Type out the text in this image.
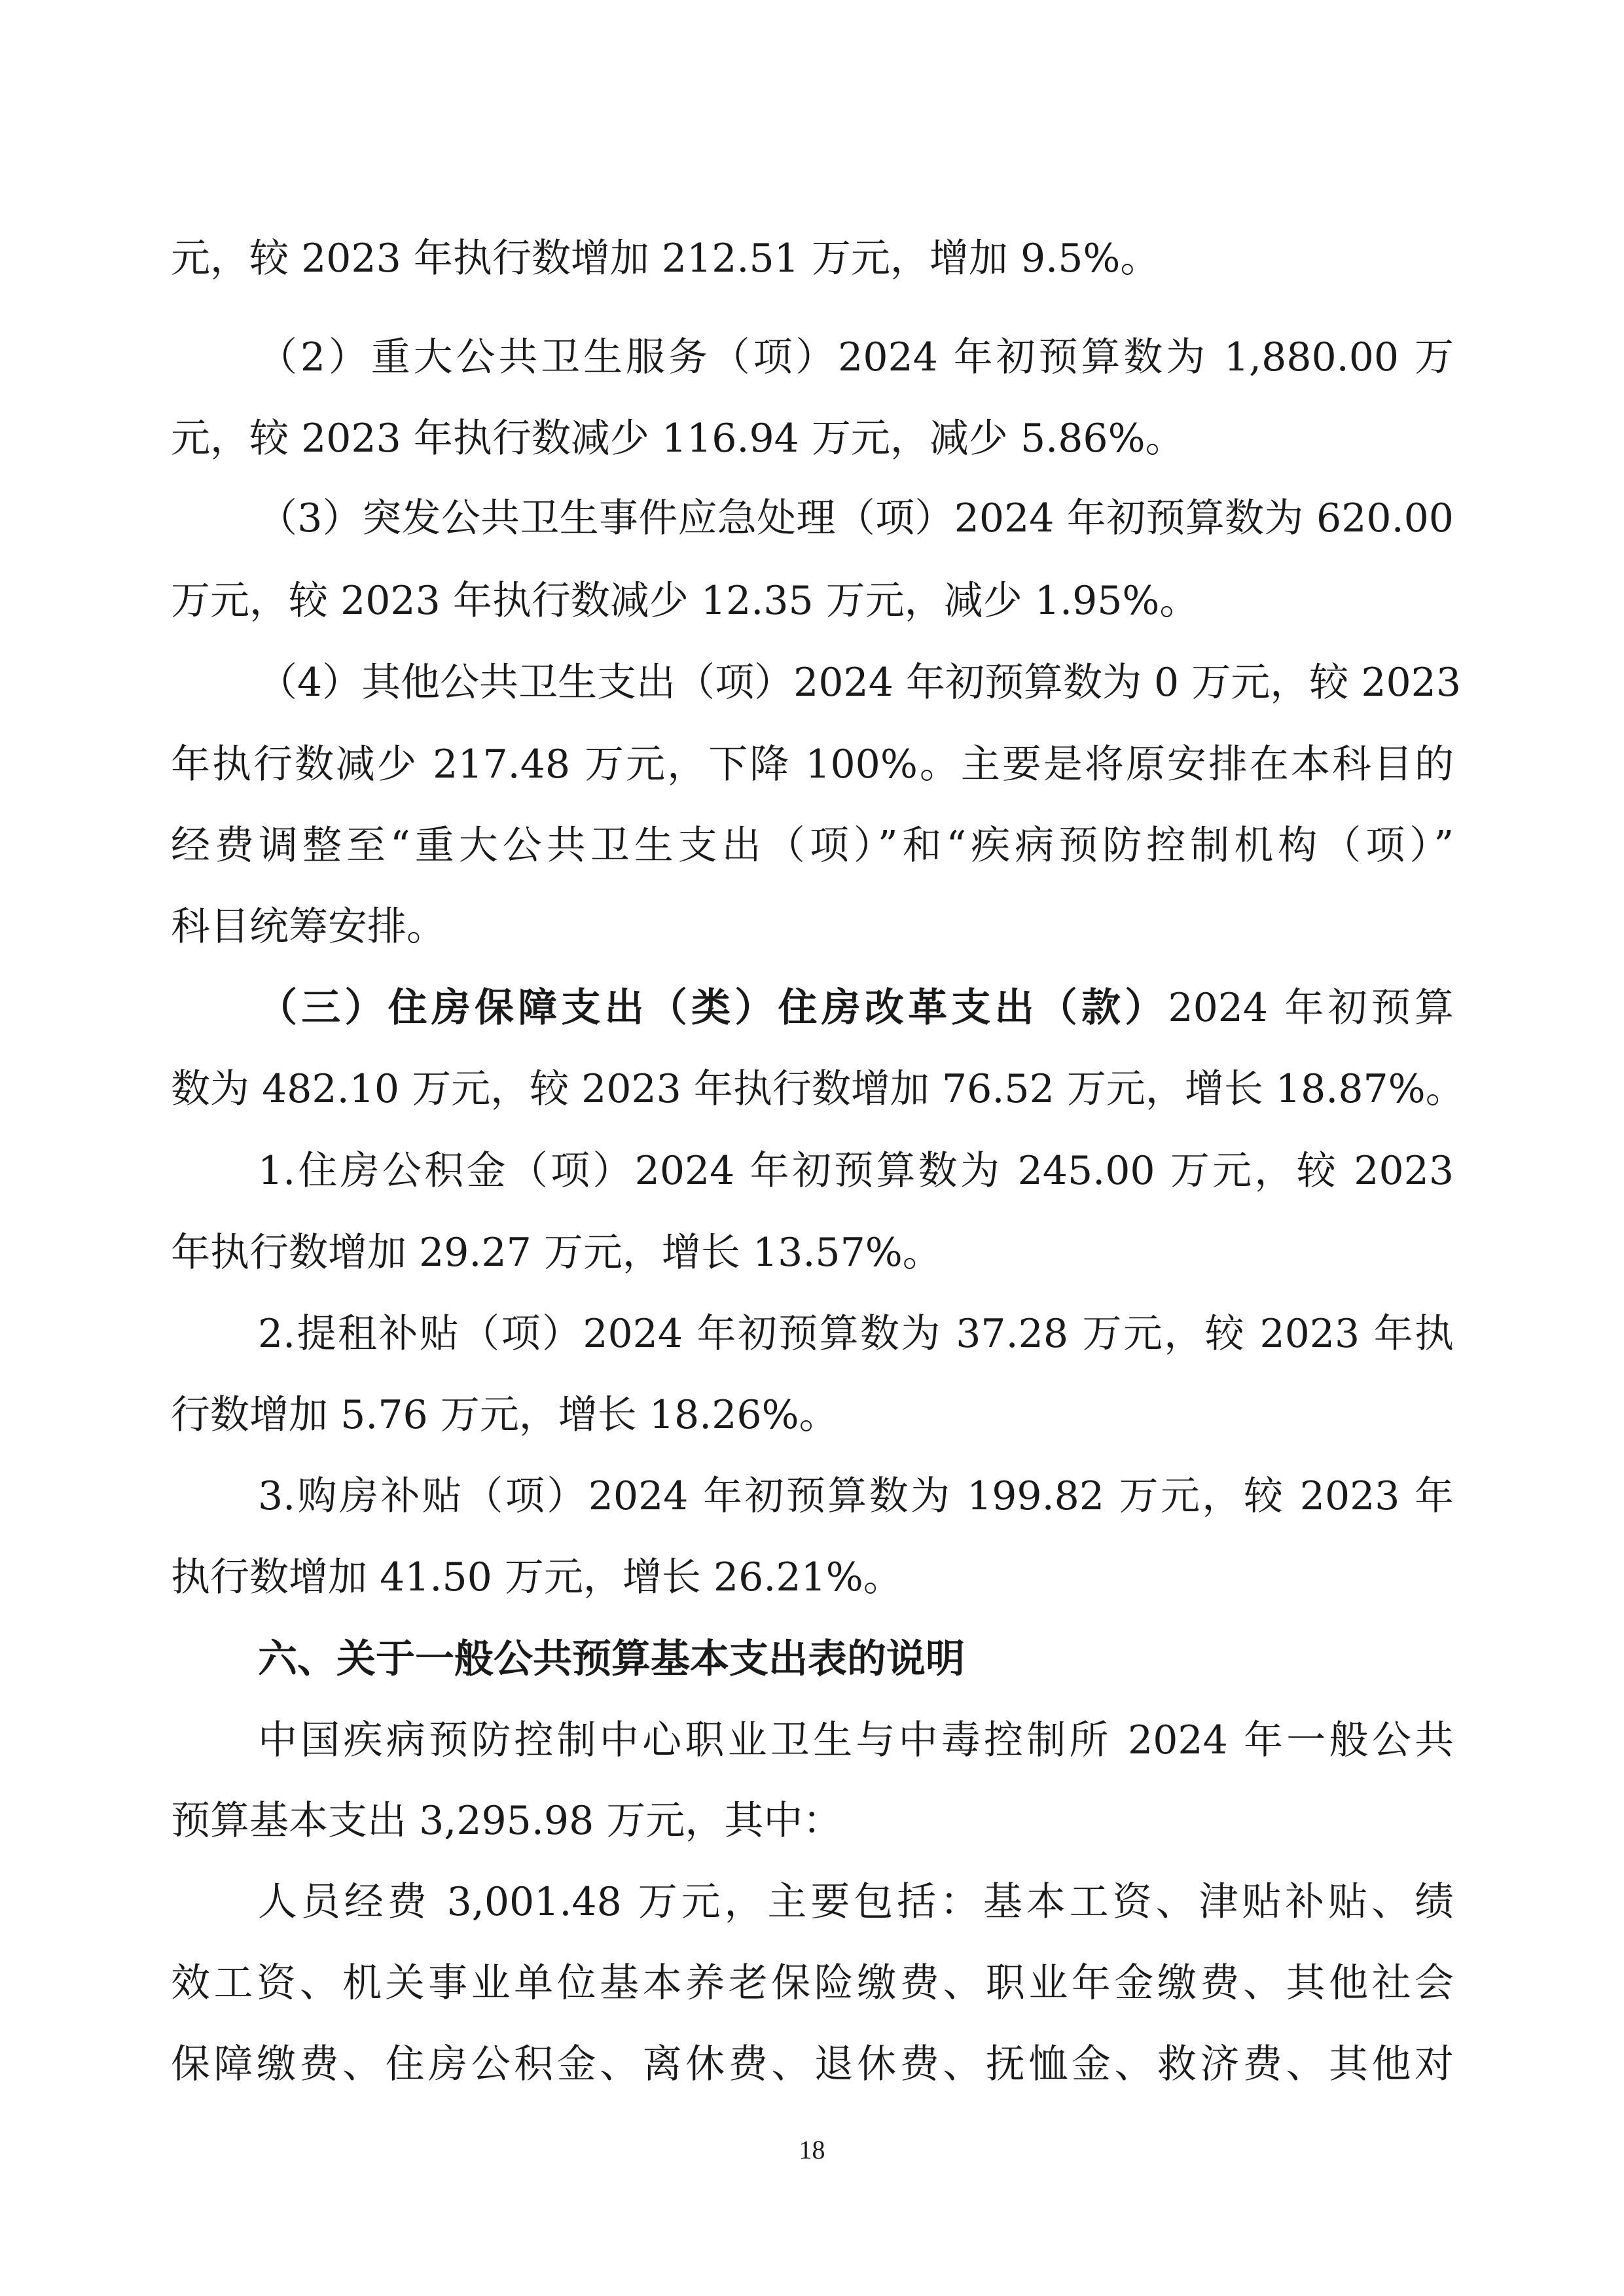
元，较 2023 年执行数增加 212.51 万元，增加 9.5%。
（2）重大公共卫生服务（项）2024 年初预算数为 1,880.00 万
元，较 2023 年执行数减少 116.94 万元，减少 5.86%。
（3）突发公共卫生事件应急处理（项）2024 年初预算数为 620.00
万元，较 2023 年执行数减少 12.35 万元，减少 1.95%。
（4）其他公共卫生支出（项）2024 年初预算数为 0 万元，较 2023
年执行数减少 217.48 万元，下降 100%。主要是将原安排在本科目的
经费调整至“重大公共卫生支出（项）”和“疾病预防控制机构（项）”
科目统筹安排。
（三）住房保障支出（类）住房改革支出（款）2024 年初预算
数为 482.10 万元，较 2023 年执行数增加 76.52 万元，增长 18.87%。
1.住房公积金（项）2024 年初预算数为 245.00 万元，较 2023
年执行数增加 29.27 万元，增长 13.57%。
2.提租补贴（项）2024 年初预算数为 37.28 万元，较 2023 年执
行数增加 5.76 万元，增长 18.26%。
3.购房补贴（项）2024 年初预算数为 199.82 万元，较 2023 年
执行数增加 41.50 万元，增长 26.21%。
六、关于一般公共预算基本支出表的说明
中国疾病预防控制中心职业卫生与中毒控制所 2024 年一般公共
预算基本支出 3,295.98 万元，其中：
人员经费 3,001.48 万元，主要包括：基本工资、津贴补贴、绩
效工资、机关事业单位基本养老保险缴费、职业年金缴费、其他社会
保障缴费、住房公积金、离休费、退休费、抚恤金、救济费、其他对
18
